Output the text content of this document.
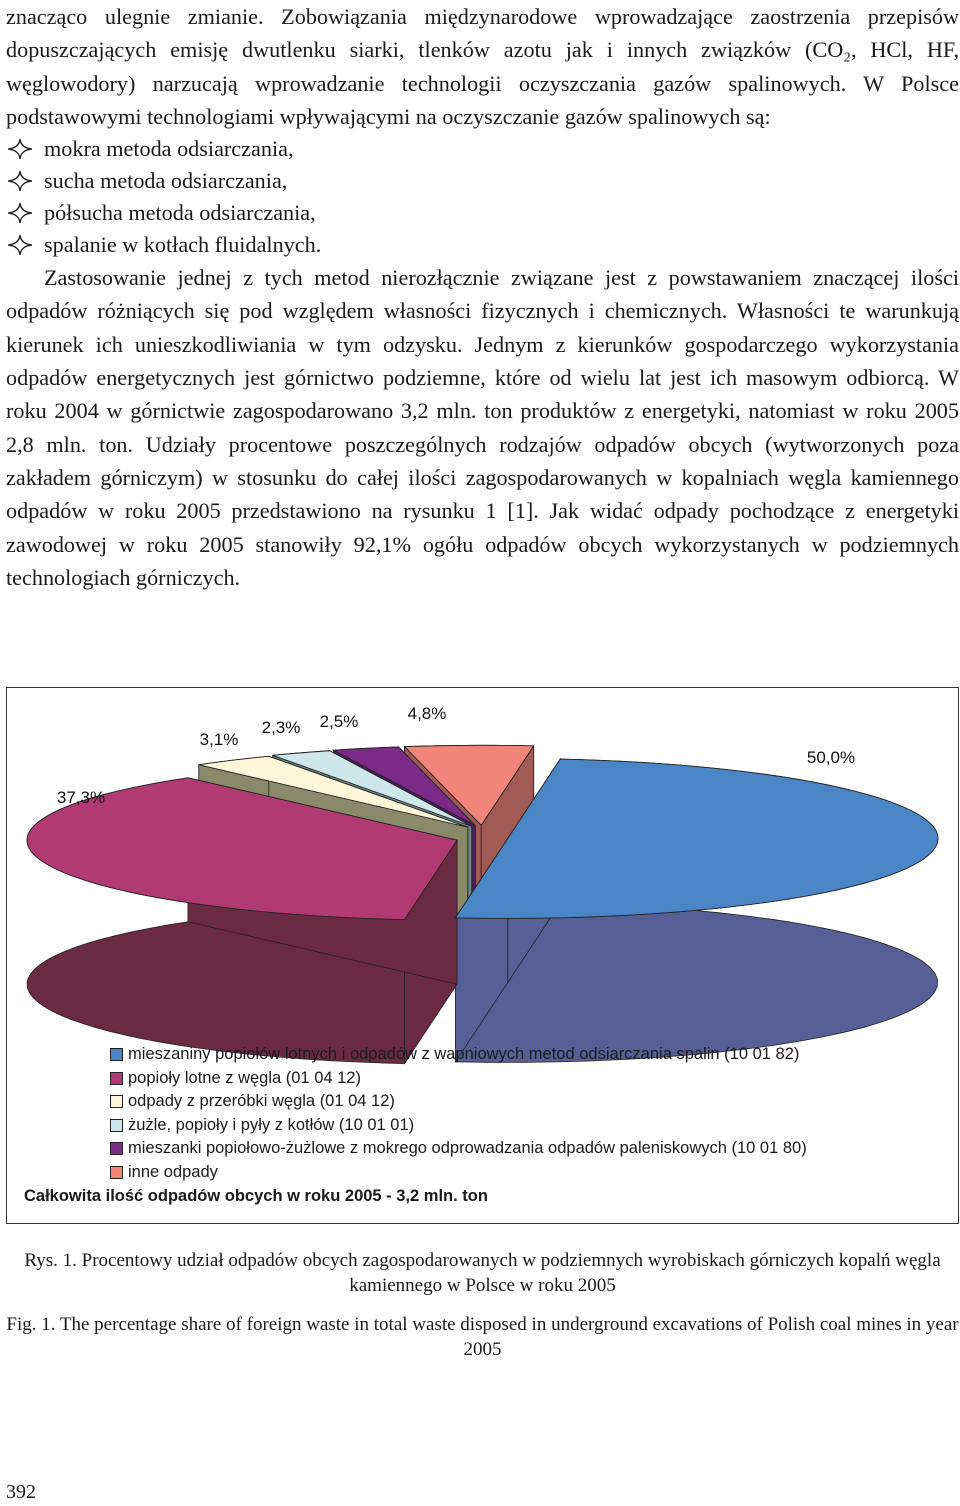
znacząco ulegnie zmianie. Zobowiązania międzynarodowe wprowadzające zaostrzenia przepisów dopuszczających emisję dwutlenku siarki, tlenków azotu jak i innych związków (CO₂, HCl, HF, węglowodory) narzucają wprowadzanie technologii oczyszczania gazów spalinowych. W Polsce podstawowymi technologiami wpływającymi na oczyszczanie gazów spalinowych są:

mokra metoda odsiarczania,
sucha metoda odsiarczania,
półsucha metoda odsiarczania,
spalanie w kotłach fluidalnych.

Zastosowanie jednej z tych metod nierozłącznie związane jest z powstawaniem znaczącej ilości odpadów różniących się pod względem własności fizycznych i chemicznych. Własności te warunkują kierunek ich unieszkodliwiania w tym odzysku. Jednym z kierunków gospodarczego wykorzystania odpadów energetycznych jest górnictwo podziemne, które od wielu lat jest ich masowym odbiorcą. W roku 2004 w górnictwie zagospodarowano 3,2 mln. ton produktów z energetyki, natomiast w roku 2005 2,8 mln. ton. Udziały procentowe poszczególnych rodzajów odpadów obcych (wytworzonych poza zakładem górniczym) w stosunku do całej ilości zagospodarowanych w kopalniach węgla kamiennego odpadów w roku 2005 przedstawiono na rysunku 1 [1]. Jak widać odpady pochodzące z energetyki zawodowej w roku 2005 stanowiły 92,1% ogółu odpadów obcych wykorzystanych w podziemnych technologiach górniczych.

50,0%
37,3%
3,1%
2,3% 2,5%	4,8%
mieszaniny popiołów lotnych i odpadów z wapniowych metod odsiarczania spalin (10 01 82)
popioły lotne z węgla (01 04 12)
odpady z przeróbki węgla (01 04 12)
żużle, popioły i pyły z kotłów (10 01 01)
mieszanki popiołowo-żużlowe z mokrego odprowadzania odpadów paleniskowych (10 01 80)
inne odpady
Całkowita ilość odpadów obcych w roku 2005 - 3,2 mln. ton
Rys. 1. Procentowy udział odpadów obcych zagospodarowanych w podziemnych wyrobiskach górniczych kopalń węgla kamiennego w Polsce w roku 2005
Fig. 1. The percentage share of foreign waste in total waste disposed in underground excavations of Polish coal mines in year 2005
392
